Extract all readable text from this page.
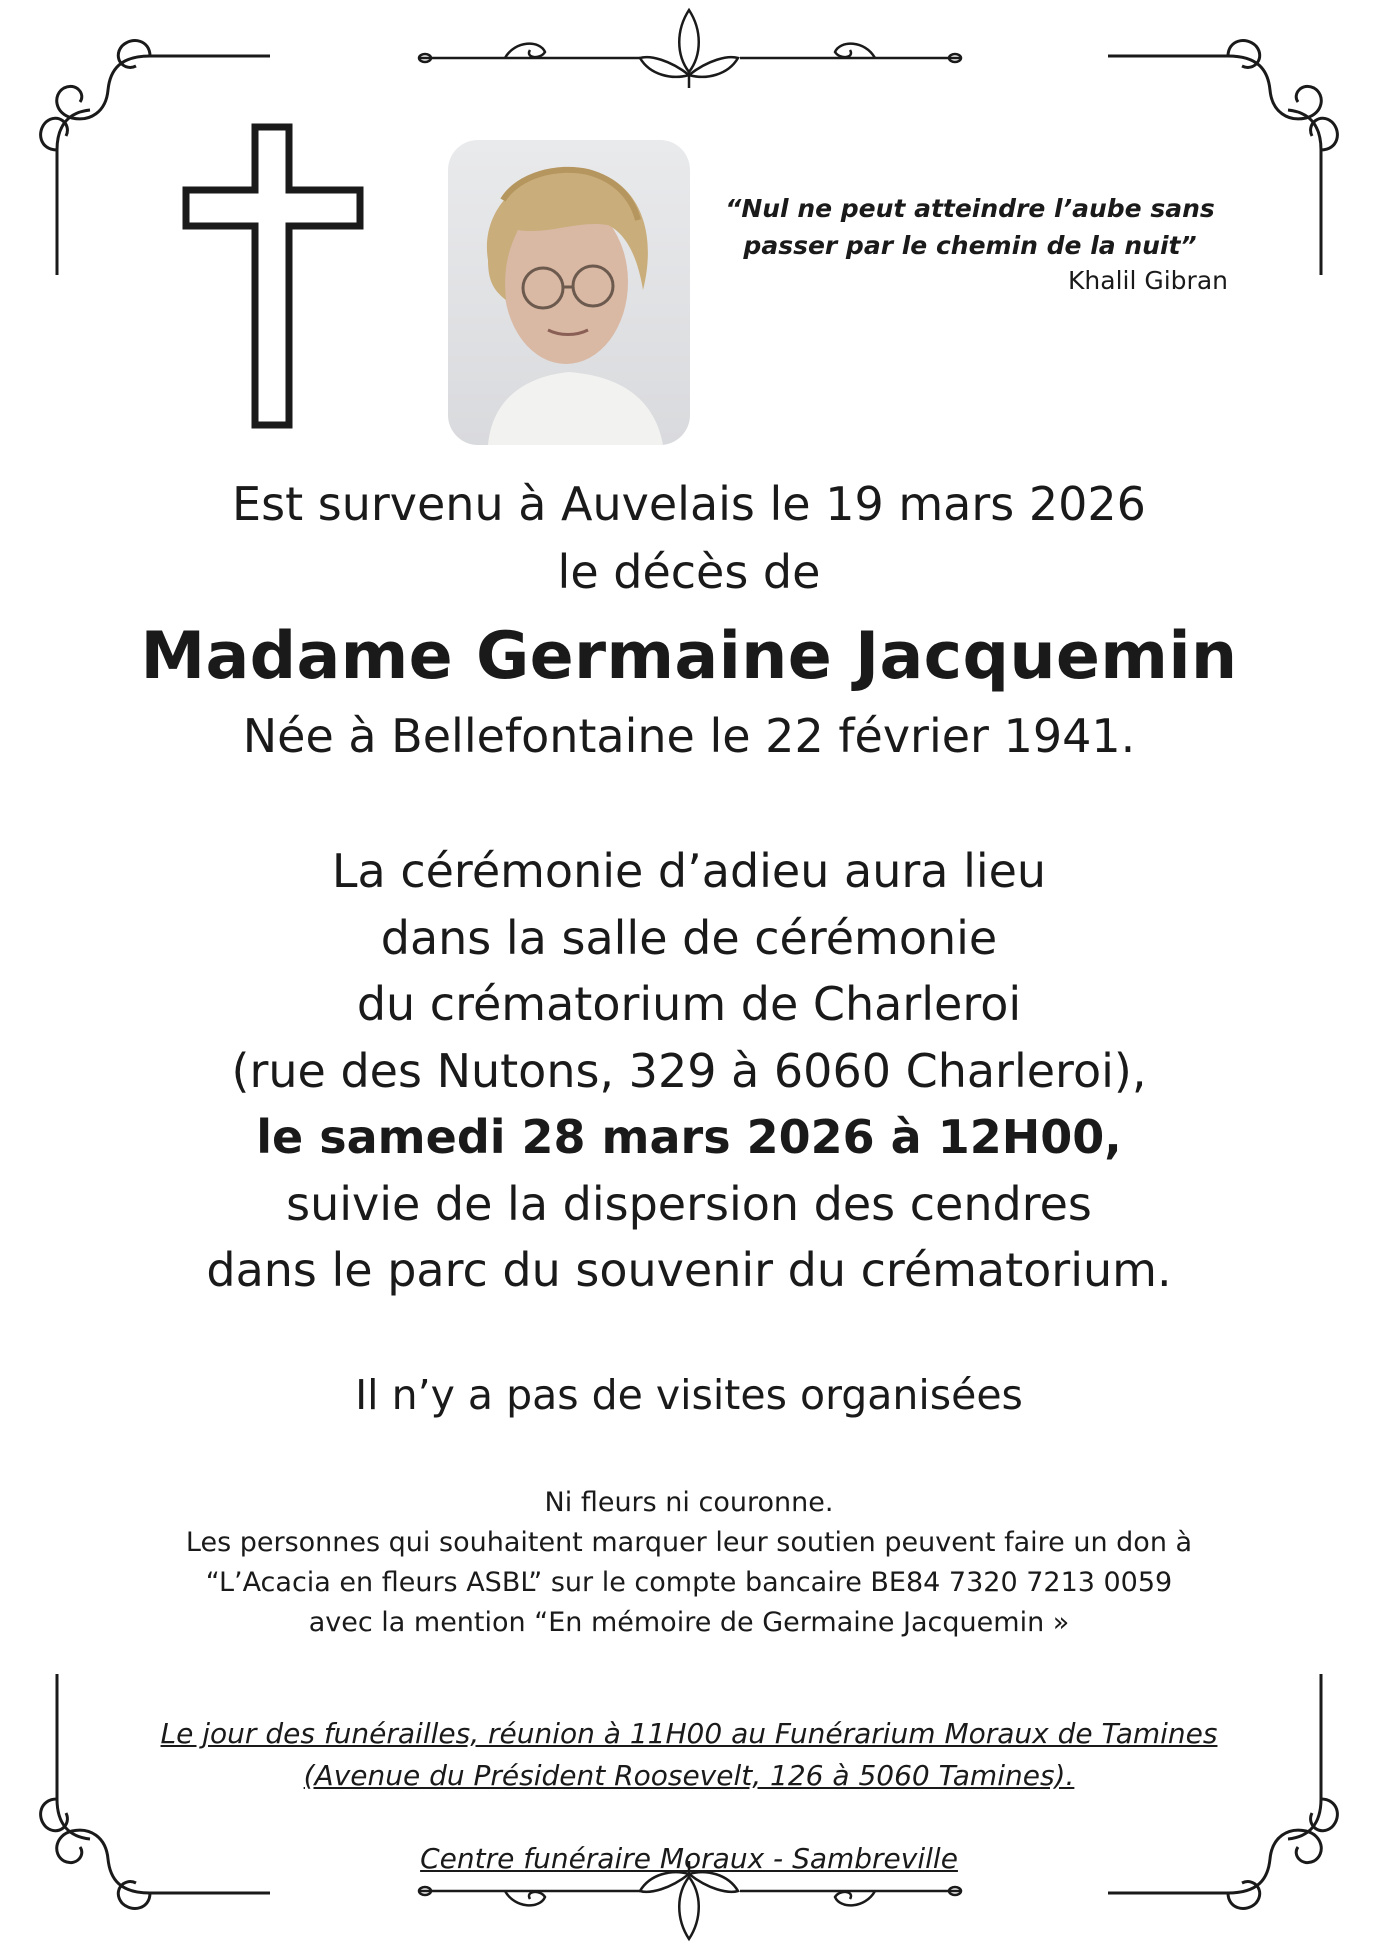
“Nul ne peut atteindre l’aube sans
passer par le chemin de la nuit”
Khalil Gibran
Est survenu à Auvelais le 19 mars 2026
le décès de
Madame Germaine Jacquemin
Née à Bellefontaine le 22 février 1941.
La cérémonie d’adieu aura lieu
dans la salle de cérémonie
du crématorium de Charleroi
(rue des Nutons, 329 à 6060 Charleroi),
le samedi 28 mars 2026 à 12H00,
suivie de la dispersion des cendres
dans le parc du souvenir du crématorium.
Il n’y a pas de visites organisées
Ni fleurs ni couronne.
Les personnes qui souhaitent marquer leur soutien peuvent faire un don à
“L’Acacia en fleurs ASBL” sur le compte bancaire BE84 7320 7213 0059
avec la mention “En mémoire de Germaine Jacquemin »
Le jour des funérailles, réunion à 11H00 au Funérarium Moraux de Tamines
(Avenue du Président Roosevelt, 126 à 5060 Tamines).
Centre funéraire Moraux - Sambreville
